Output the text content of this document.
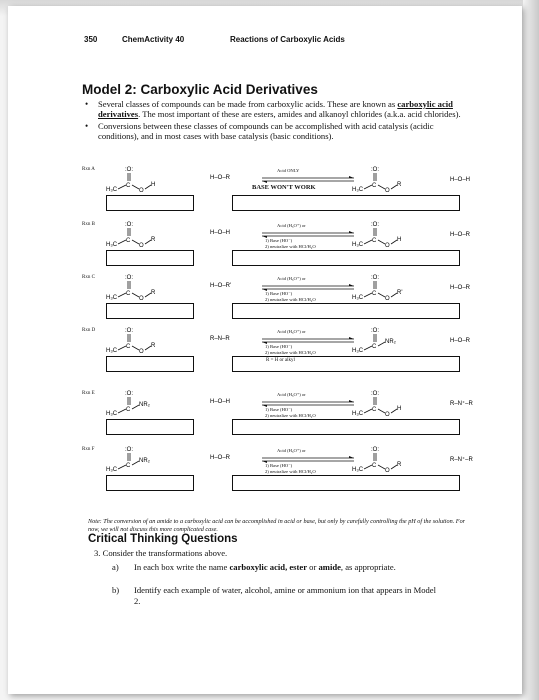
350	ChemActivity 40	Reactions of Carboxylic Acids
Model 2: Carboxylic Acid Derivatives
• Several classes of compounds can be made from carboxylic acids. These are known as carboxylic acid derivatives. The most important of these are esters, amides and alkanoyl chlorides (a.k.a. acid chlorides).
• Conversions between these classes of compounds can be accomplished with acid catalysis (acidic conditions), and in most cases with base catalysis (basic conditions).
Rxn A
H₃C
C
:O:
O
H
H–O–R
H₃C
C
:O:
O
R
H–O–H
Acid ONLY
BASE WON'T WORK
Rxn B
H₃C
C
:O:
O
R
H–O–H
H₃C
C
:O:
O
H
H–O–R
Acid (H₃O⁺) or
1) Base (HO⁻)
2) neutralize with HCl/H₂O
Rxn C
H₃C
C
:O:
O
R
H–O–R'
H₃C
C
:O:
O
R'
H–O–R
Acid (H₃O⁺) or
1) Base (HO⁻)
2) neutralize with HCl/H₂O
Rxn D
H₃C
C
:O:
O
R
R–N–R
H₃C
C
:O:
NR₂	H–O–R
Acid (H₃O⁺) or
1) Base (HO⁻)
2) neutralize with HCl/H₂O
Rxn E
H₃C
C
:O:
NR₂	H–O–H
H₃C
C
:O:
O
H
R–N⁺–R
Acid (H₃O⁺) or
1) Base (HO⁻)
2) neutralize with HCl/H₂O
Rxn F
H₃C
C
:O:
NR₂	H–O–R
H₃C
C
:O:
O
R
R–N⁺–R
Acid (H₃O⁺) or
1) Base (HO⁻)
2) neutralize with HCl/H₂O
R = H or alkyl
Note: The conversion of an amide to a carboxylic acid can be accomplished in acid or base, but only by carefully controlling the pH of the solution. For now, we will not discuss this more complicated case.
Critical Thinking Questions
3. Consider the transformations above.
a) In each box write the name carboxylic acid, ester or amide, as appropriate.
b)	Identify each example of water, alcohol, amine or ammonium ion that appears in Model 2.
